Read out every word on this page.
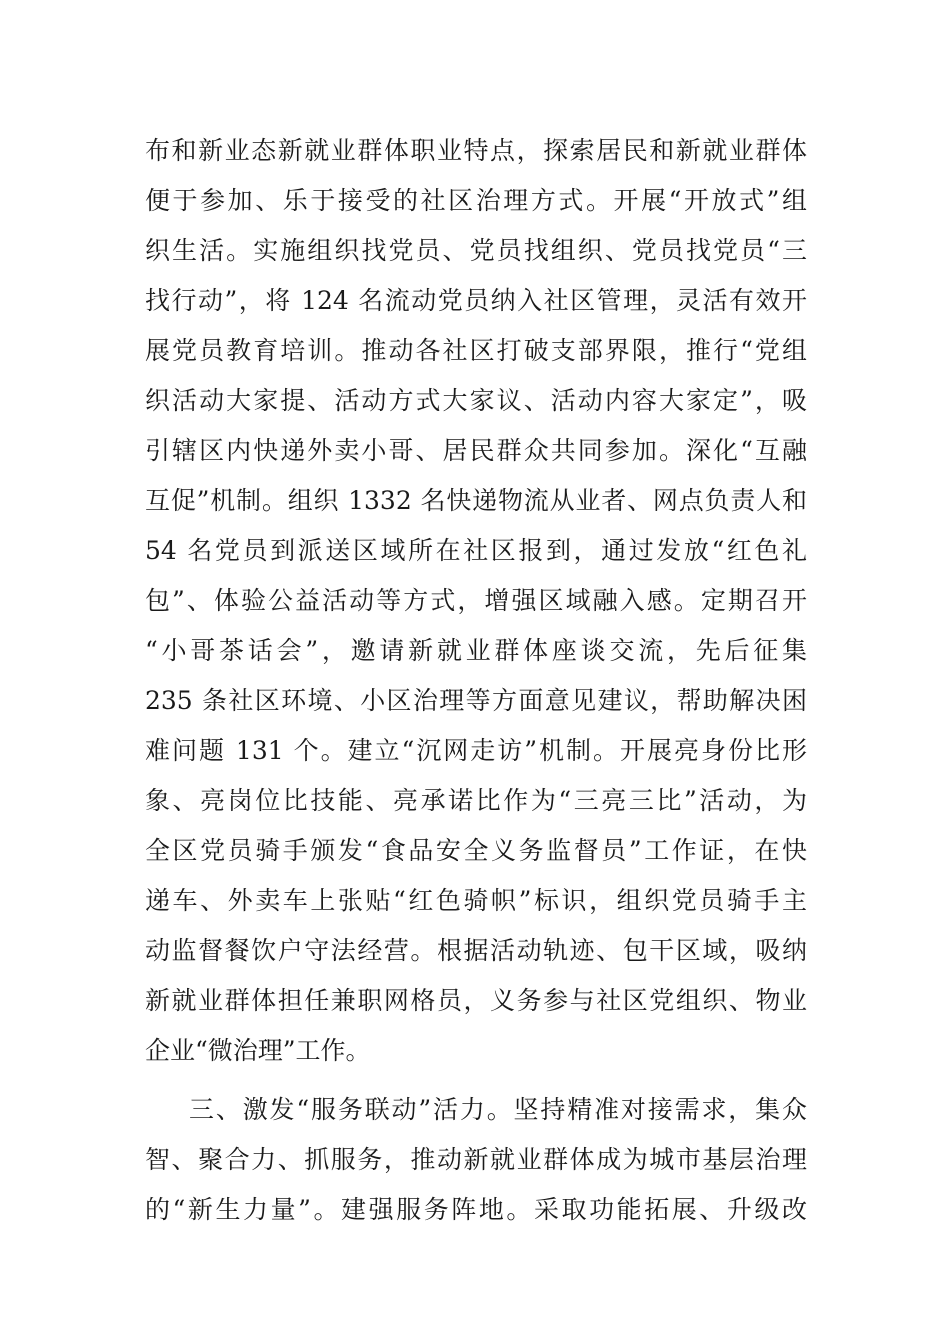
布和新业态新就业群体职业特点，探索居民和新就业群体
便于参加、乐于接受的社区治理方式。开展“开放式”组
织生活。实施组织找党员、党员找组织、党员找党员“三
找行动”，将 124 名流动党员纳入社区管理，灵活有效开
展党员教育培训。推动各社区打破支部界限，推行“党组
织活动大家提、活动方式大家议、活动内容大家定”，吸
引辖区内快递外卖小哥、居民群众共同参加。深化“互融
互促”机制。组织 1332 名快递物流从业者、网点负责人和
54 名党员到派送区域所在社区报到，通过发放“红色礼
包”、体验公益活动等方式，增强区域融入感。定期召开
“小哥茶话会”，邀请新就业群体座谈交流，先后征集
235 条社区环境、小区治理等方面意见建议，帮助解决困
难问题 131 个。建立“沉网走访”机制。开展亮身份比形
象、亮岗位比技能、亮承诺比作为“三亮三比”活动，为
全区党员骑手颁发“食品安全义务监督员”工作证，在快
递车、外卖车上张贴“红色骑帜”标识，组织党员骑手主
动监督餐饮户守法经营。根据活动轨迹、包干区域，吸纳
新就业群体担任兼职网格员，义务参与社区党组织、物业
企业“微治理”工作。
三、激发“服务联动”活力。坚持精准对接需求，集众
智、聚合力、抓服务，推动新就业群体成为城市基层治理
的“新生力量”。建强服务阵地。采取功能拓展、升级改
